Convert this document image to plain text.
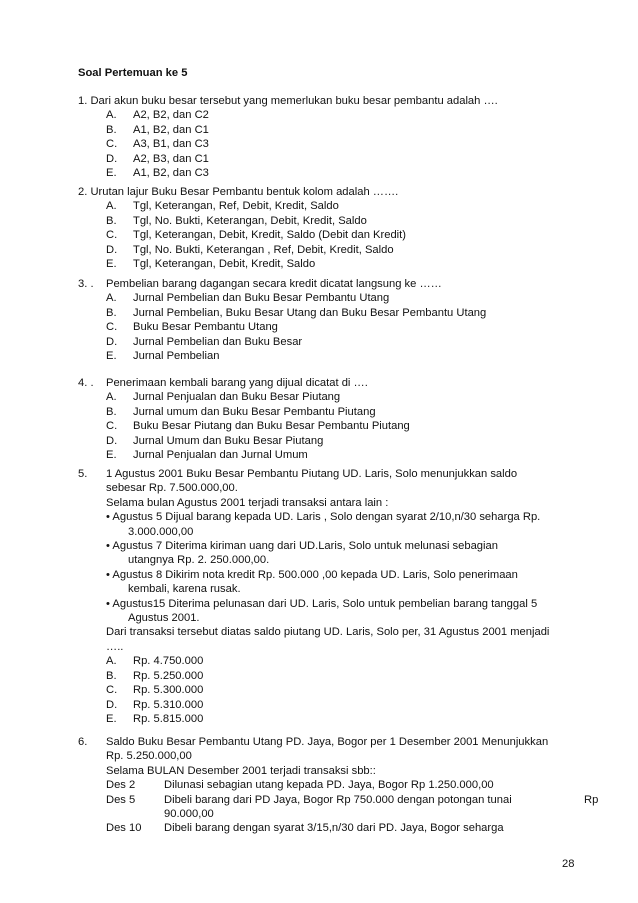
Soal Pertemuan ke 5
1. Dari akun buku besar tersebut yang memerlukan buku besar pembantu adalah ….
A.	A2, B2, dan C2
B.	A1, B2, dan C1
C.	A3, B1, dan C3
D.	A2, B3, dan C1
E.	A1, B2, dan C3
2. Urutan lajur Buku Besar Pembantu bentuk kolom adalah …….
A.	Tgl, Keterangan, Ref, Debit, Kredit, Saldo
B.	Tgl, No. Bukti, Keterangan, Debit, Kredit, Saldo
C.	Tgl, Keterangan, Debit, Kredit, Saldo (Debit dan Kredit)
D.	Tgl, No. Bukti, Keterangan , Ref, Debit, Kredit, Saldo
E.	Tgl, Keterangan, Debit, Kredit, Saldo
3. .	Pembelian barang dagangan secara kredit dicatat langsung ke ……
A.	Jurnal Pembelian dan Buku Besar Pembantu Utang
B.	Jurnal Pembelian, Buku Besar Utang dan Buku Besar Pembantu Utang
C.	Buku Besar Pembantu Utang
D.	Jurnal Pembelian dan Buku Besar
E.	Jurnal Pembelian
4. .	Penerimaan kembali barang yang dijual dicatat di ….
A.	Jurnal Penjualan dan Buku Besar Piutang
B.	Jurnal umum dan Buku Besar Pembantu Piutang
C.	Buku Besar Piutang dan Buku Besar Pembantu Piutang
D.	Jurnal Umum dan Buku Besar Piutang
E.	Jurnal Penjualan dan Jurnal Umum
5.	1 Agustus 2001 Buku Besar Pembantu Piutang UD. Laris, Solo menunjukkan saldo
sebesar Rp. 7.500.000,00.
Selama bulan Agustus 2001 terjadi transaksi antara lain :
• Agustus 5 Dijual barang kepada UD. Laris , Solo dengan syarat 2/10,n/30 seharga Rp.
3.000.000,00
• Agustus 7 Diterima kiriman uang dari UD.Laris, Solo untuk melunasi sebagian
utangnya Rp. 2. 250.000,00.
• Agustus 8 Dikirim nota kredit Rp. 500.000 ,00 kepada UD. Laris, Solo penerimaan
kembali, karena rusak.
• Agustus15 Diterima pelunasan dari UD. Laris, Solo untuk pembelian barang tanggal 5
Agustus 2001.
Dari transaksi tersebut diatas saldo piutang UD. Laris, Solo per, 31 Agustus 2001 menjadi
…..
A.	Rp. 4.750.000
B.	Rp. 5.250.000
C.	Rp. 5.300.000
D.	Rp. 5.310.000
E.	Rp. 5.815.000
6.	Saldo Buku Besar Pembantu Utang PD. Jaya, Bogor per 1 Desember 2001 Menunjukkan
Rp. 5.250.000,00
Selama BULAN Desember 2001 terjadi transaksi sbb::
Des 2	Dilunasi sebagian utang kepada PD. Jaya, Bogor Rp 1.250.000,00
Des 5	Dibeli barang dari PD Jaya, Bogor Rp 750.000 dengan potongan tunai	Rp
90.000,00
Des 10	Dibeli barang dengan syarat 3/15,n/30 dari PD. Jaya, Bogor seharga
28
